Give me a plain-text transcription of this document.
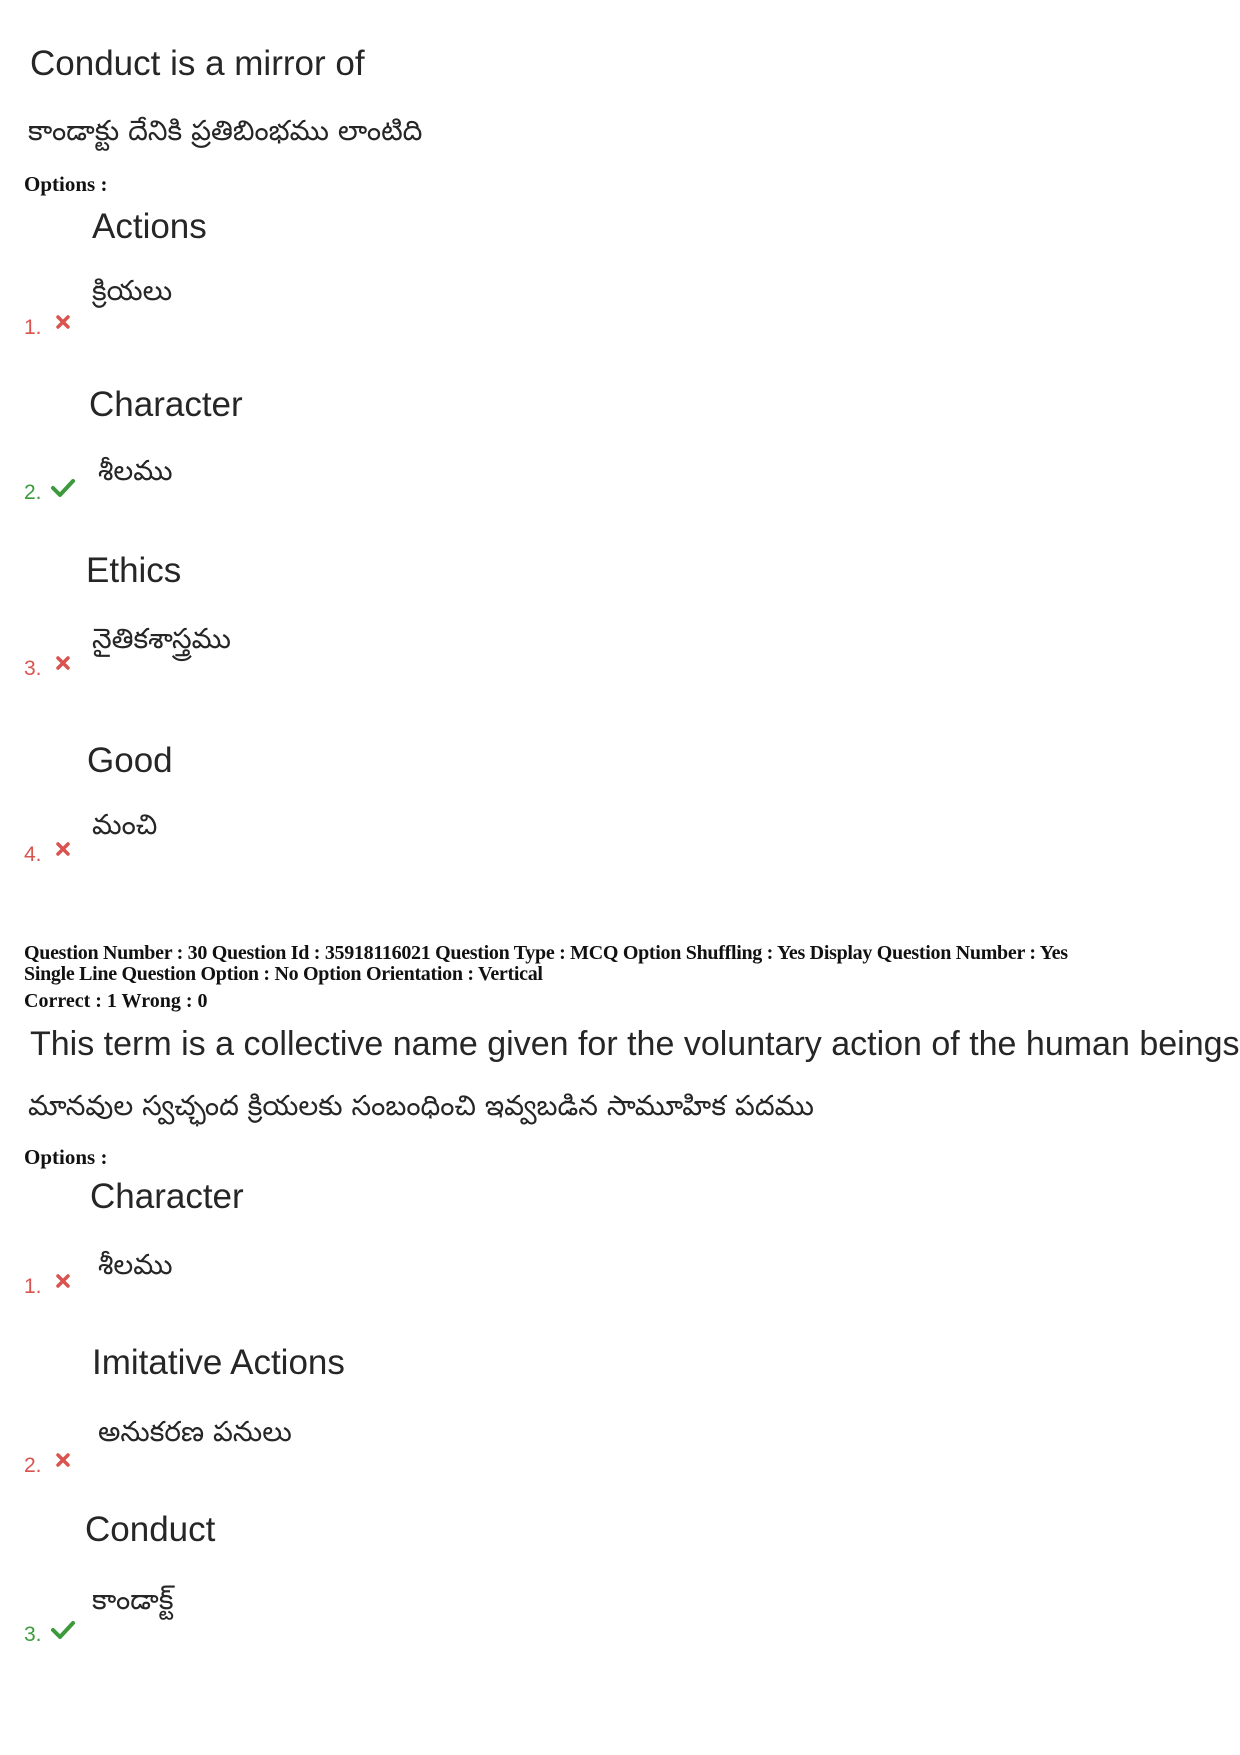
Conduct is a mirror of
కాండాక్టు దేనికి ప్రతిబింభము లాంటిది
Options :
Actions
క్రియలు
1.
Character
శీలము
2.
Ethics
నైతికశాస్త్రము
3.
Good
మంచి
4.
Question Number : 30 Question Id : 35918116021 Question Type : MCQ Option Shuffling : Yes Display Question Number : Yes
Single Line Question Option : No Option Orientation : Vertical
Correct : 1 Wrong : 0
This term is a collective name given for the voluntary action of the human beings
మానవుల స్వచ్ఛంద క్రియలకు సంబంధించి ఇవ్వబడిన సామూహిక పదము
Options :
Character
శీలము
1.
Imitative Actions
అనుకరణ పనులు
2.
Conduct
కాండాక్ట్
3.
